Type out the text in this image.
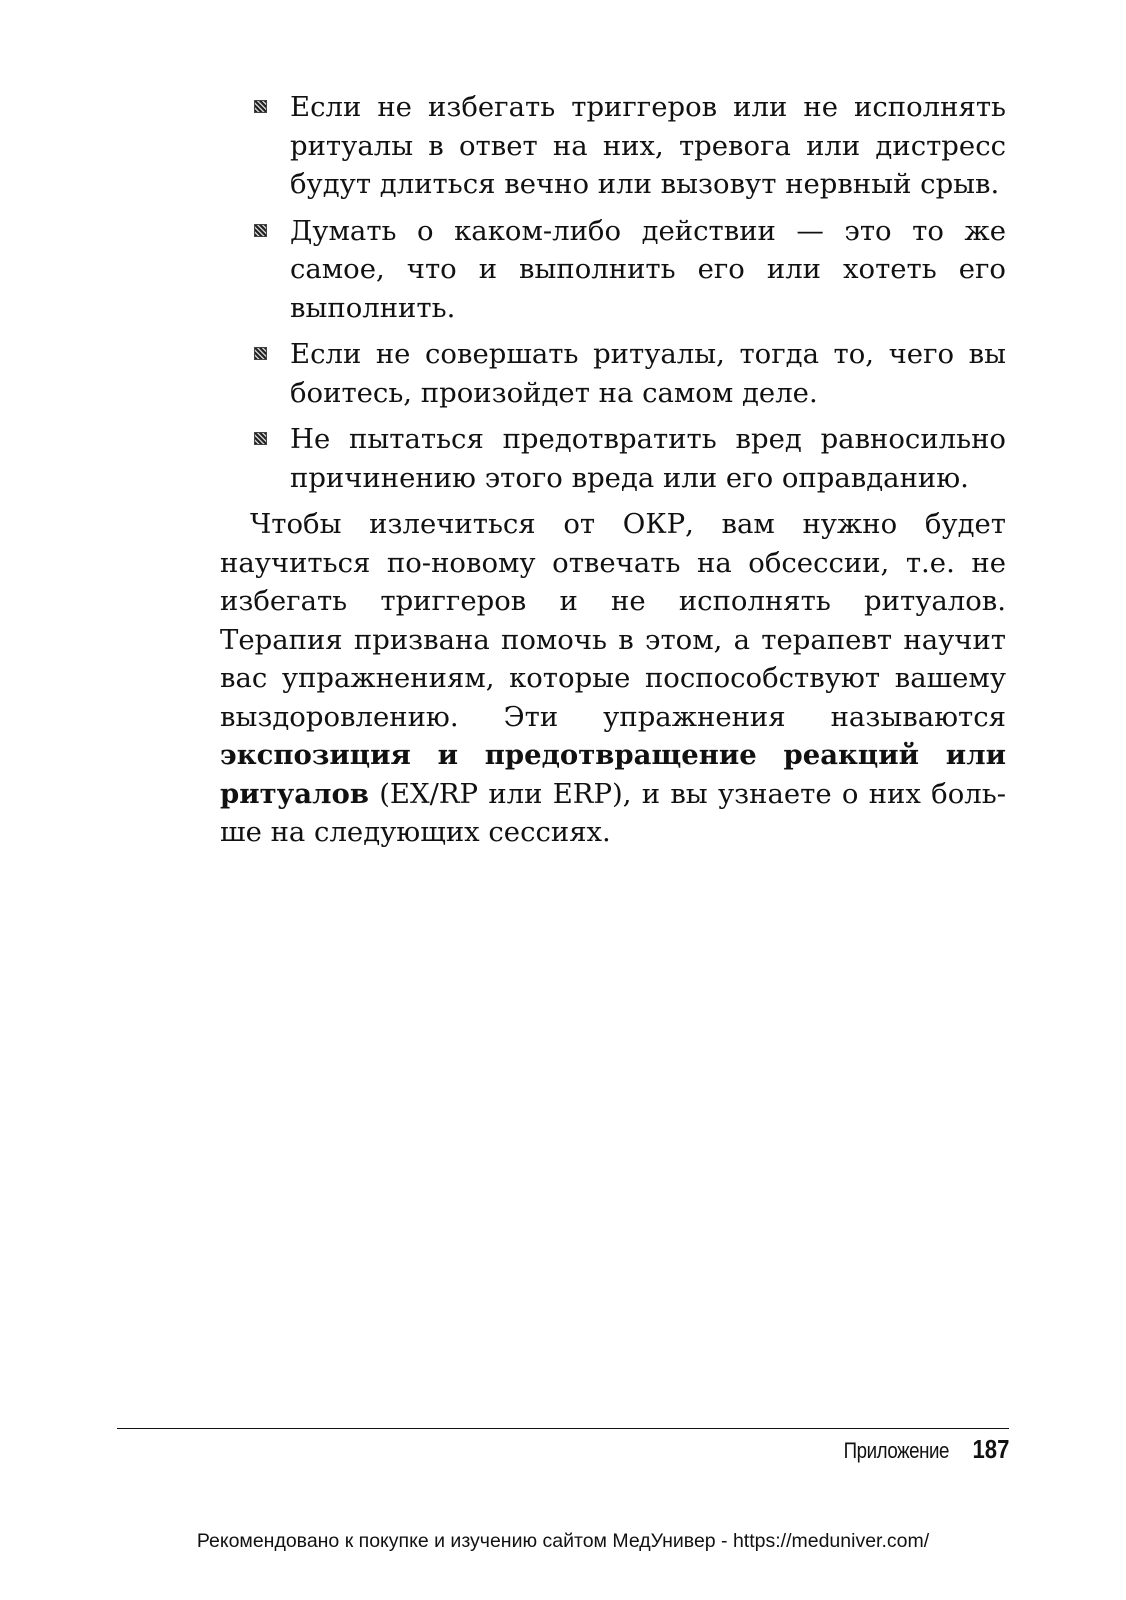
Если не избегать триггеров или не исполнять ритуалы в ответ на них, тревога или дистресс будут длиться вечно или вызовут нервный срыв.
Думать о каком-либо действии — это то же самое, что и выполнить его или хотеть его выполнить.
Если не совершать ритуалы, тогда то, чего вы боитесь, произойдет на самом деле.
Не пытаться предотвратить вред равносильно причинению этого вреда или его оправданию.

Чтобы излечиться от ОКР, вам нужно будет научиться по-новому отвечать на обсессии, т.е. не избегать триггеров и не исполнять ритуалов. Терапия призвана помочь в этом, а терапевт научит вас упражнениям, которые поспособствуют вашему выздоровлению. Эти упражнения называются экспозиция и предотвращение реакций или ритуалов (EX/RP или ERP), и вы узнаете о них больше на следующих сессиях.

Приложение 187
Рекомендовано к покупке и изучению сайтом МедУнивер - https://meduniver.com/
